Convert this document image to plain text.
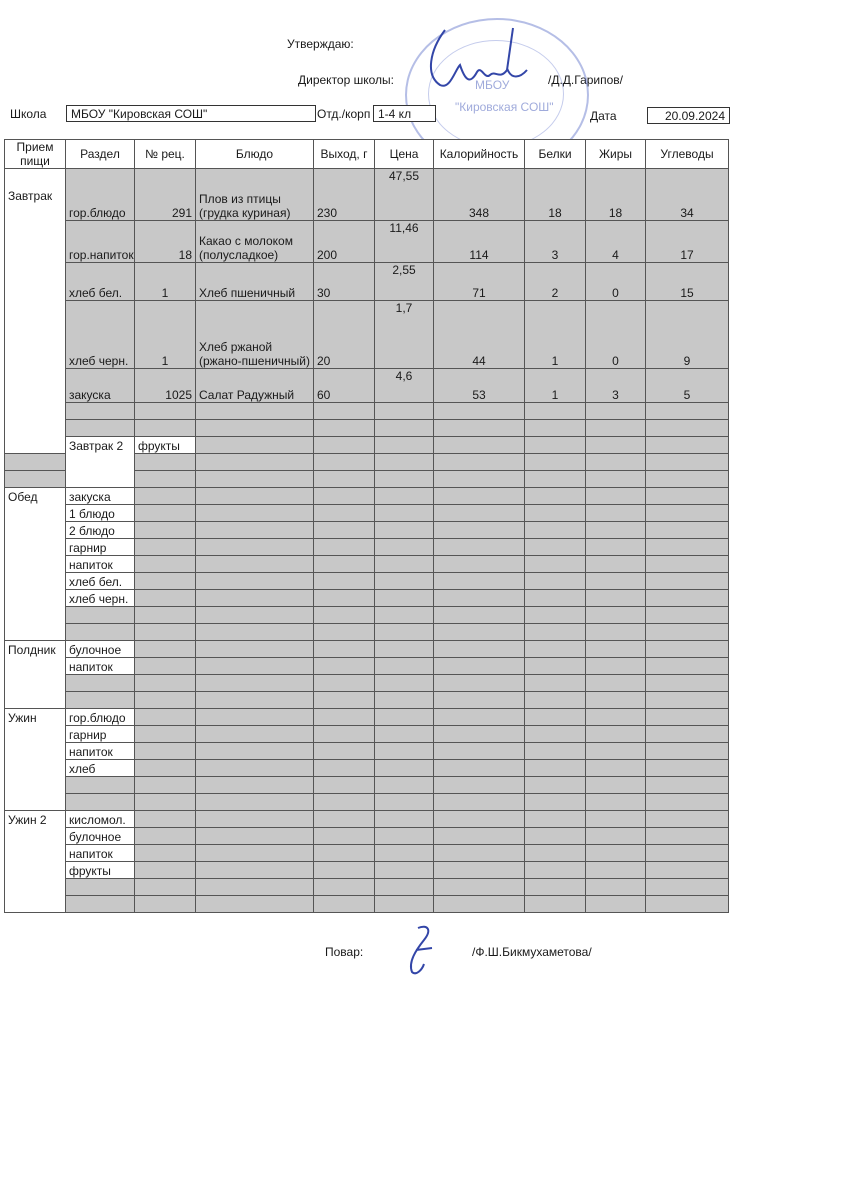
Утверждаю:
Директор школы:	/Д.Д.Гарипов/
МБОУ
"Кировская СОШ"
Школа	МБОУ "Кировская СОШ"	Отд./корп 1-4 кл	Дата	20.09.2024
Прием пищи	Раздел	№ рец.	Блюдо	Выход, г	Цена	Калорийность	Белки	Жиры	Углеводы	
Завтрак	гор.блюдо	291	Плов из птицы (грудка куриная)	230	47,55	348	18	18	34	
	гор.напиток	18	Какао с молоком (полусладкое)	200	11,46	114	3	4	17	
	хлеб бел.	1	Хлеб пшеничный	30	2,55	71	2	0	15	
	хлеб черн.	1	Хлеб ржаной (ржано-пшеничный)	20	1,7	44	1	0	9	
	закуска	1025	Салат Радужный	60	4,6	53	1	3	5	

	Завтрак 2	фрукты								

Обед	закуска									
	1 блюдо									
	2 блюдо									
	гарнир									
	напиток									
	хлеб бел.									
	хлеб черн.									

Полдник	булочное									
	напиток									

Ужин	гор.блюдо									
	гарнир									
	напиток									
	хлеб									

Ужин 2	кисломол.									
	булочное									
	напиток									
	фрукты									

Повар:	/Ф.Ш.Бикмухаметова/
